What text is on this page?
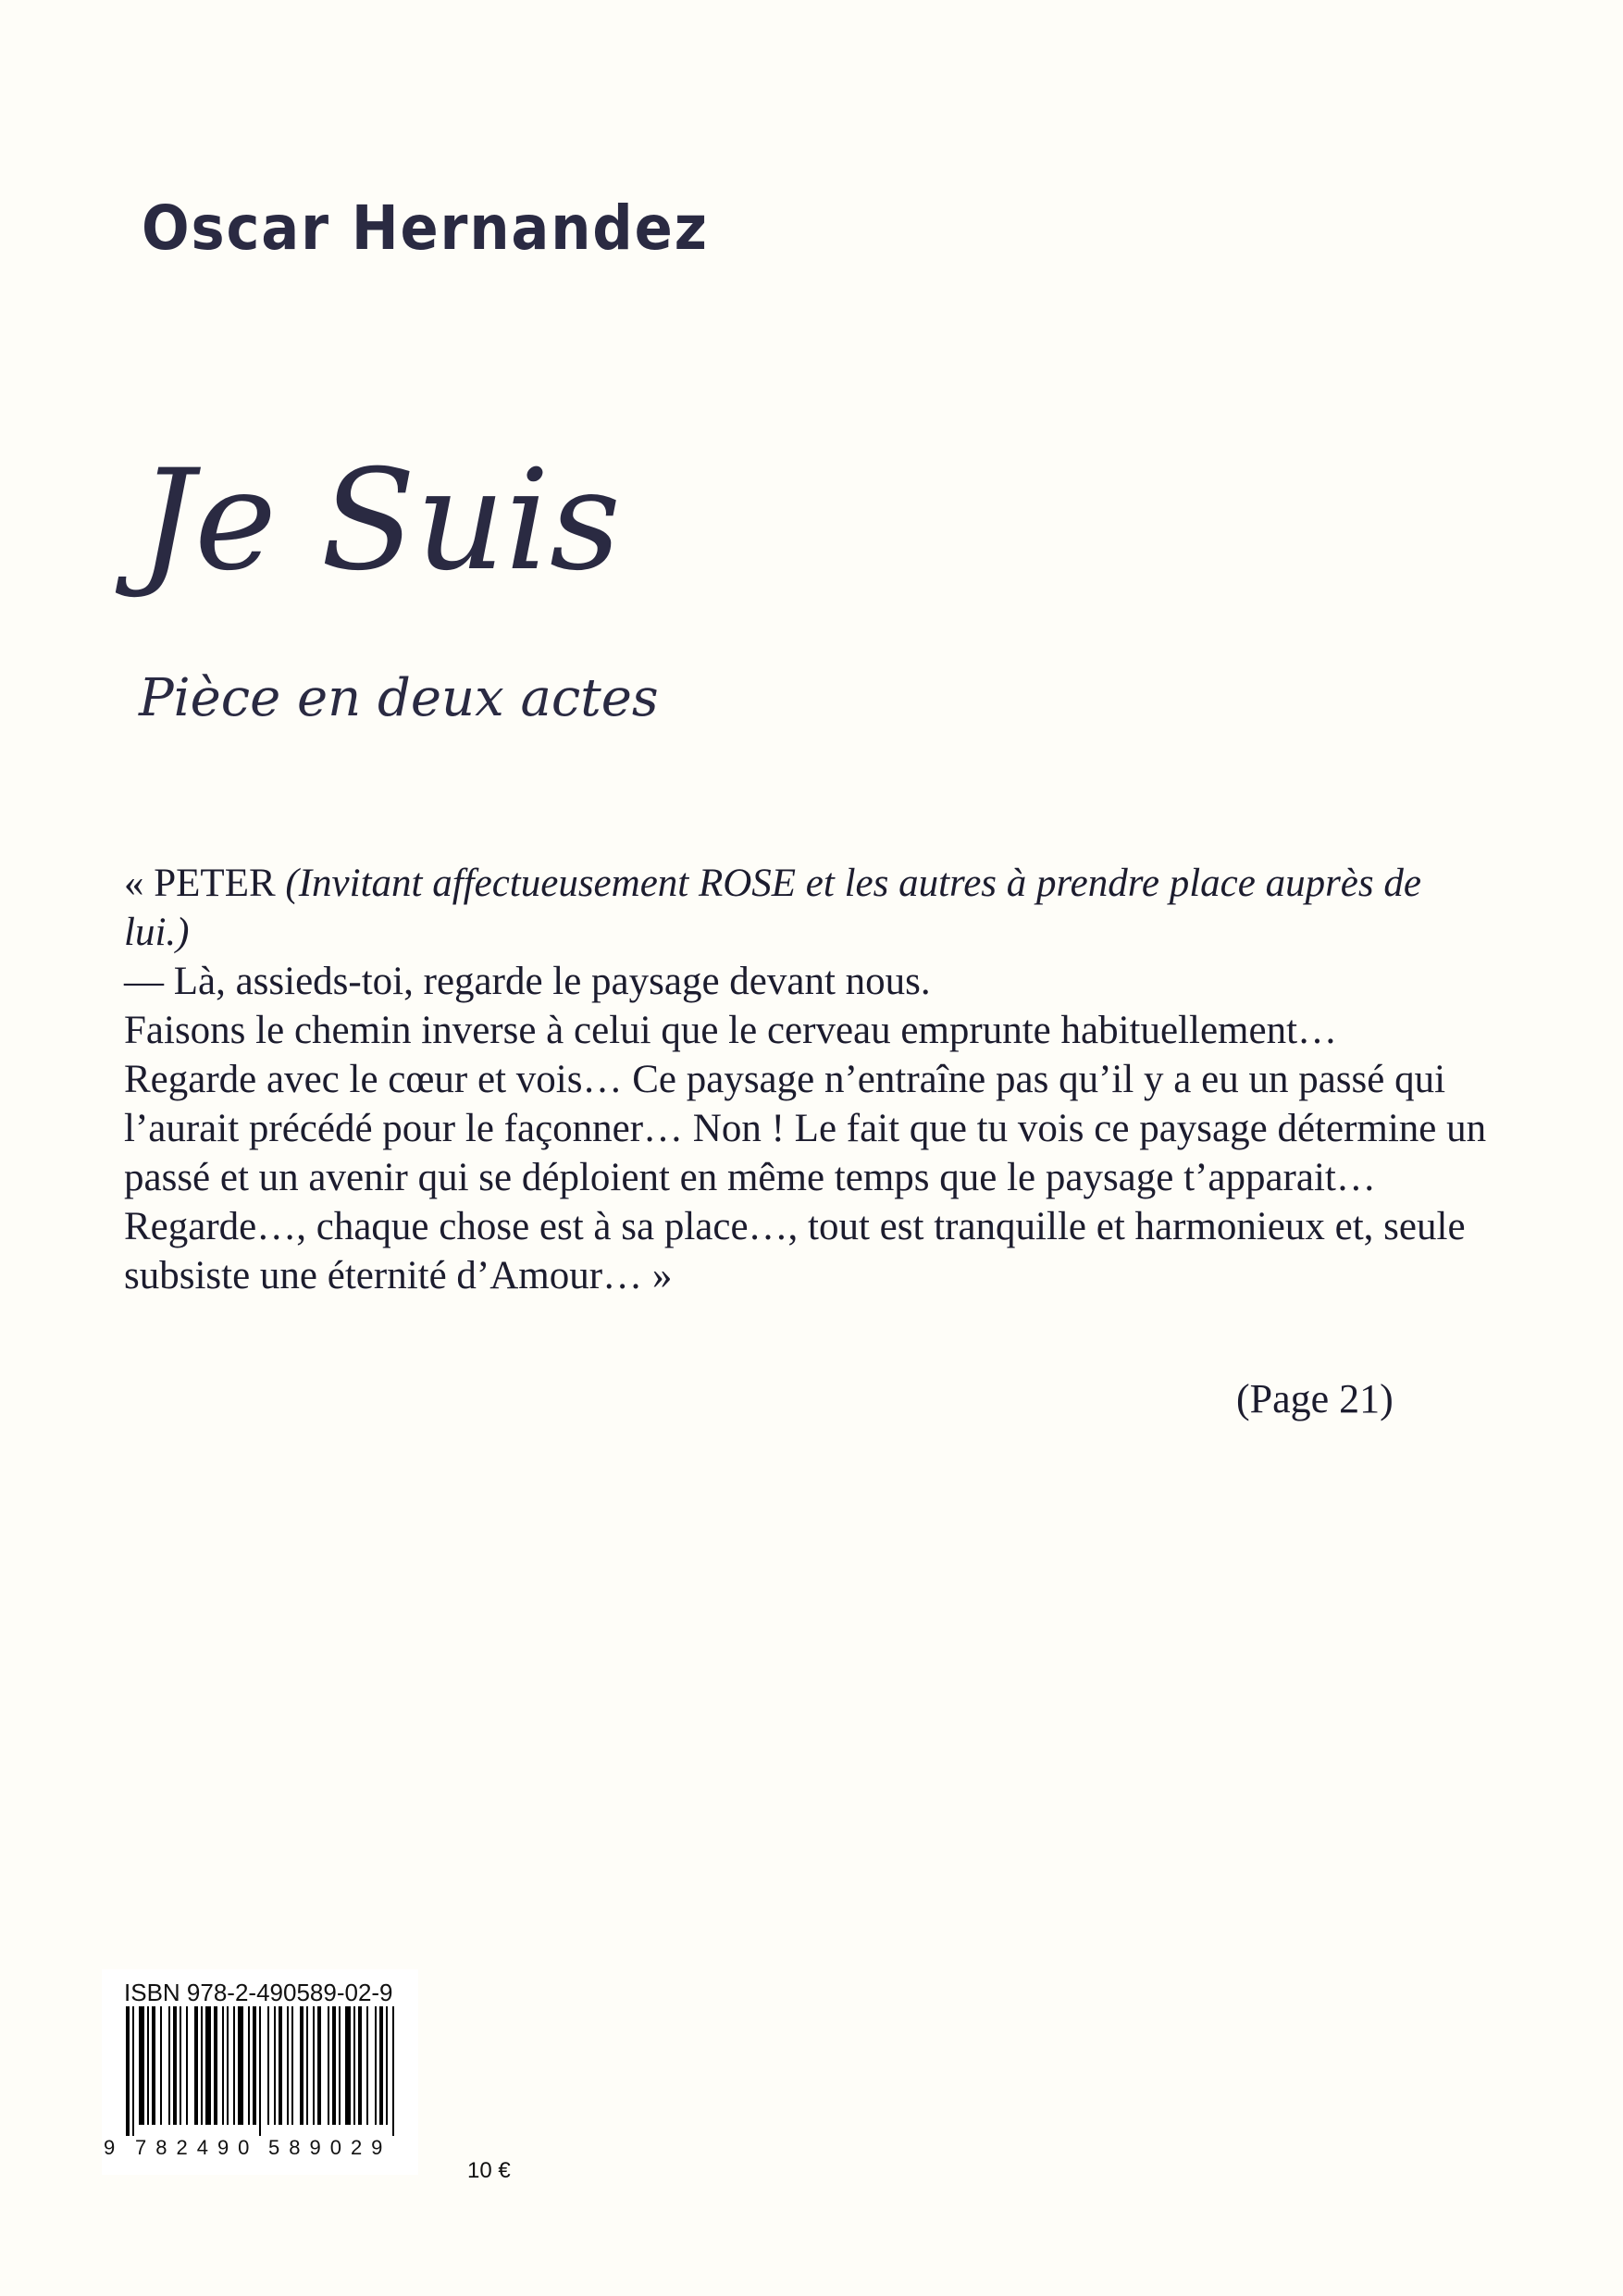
Oscar Hernandez
Je Suis
Pièce en deux actes

« PETER (Invitant affectueusement ROSE et les autres à prendre place auprès de lui.)

— Là, assieds-toi, regarde le paysage devant nous.

Faisons le chemin inverse à celui que le cerveau emprunte habituellement…

Regarde avec le cœur et vois… Ce paysage n’entraîne pas qu’il y a eu un passé qui l’aurait précédé pour le façonner… Non ! Le fait que tu vois ce paysage détermine un passé et un avenir qui se déploient en même temps que le paysage t’apparait…

Regarde…, chaque chose est à sa place…, tout est tranquille et harmonieux et, seule subsiste une éternité d’Amour… »

(Page 21)
ISBN 978-2-490589-02-9
9 782490 589029
10 €
